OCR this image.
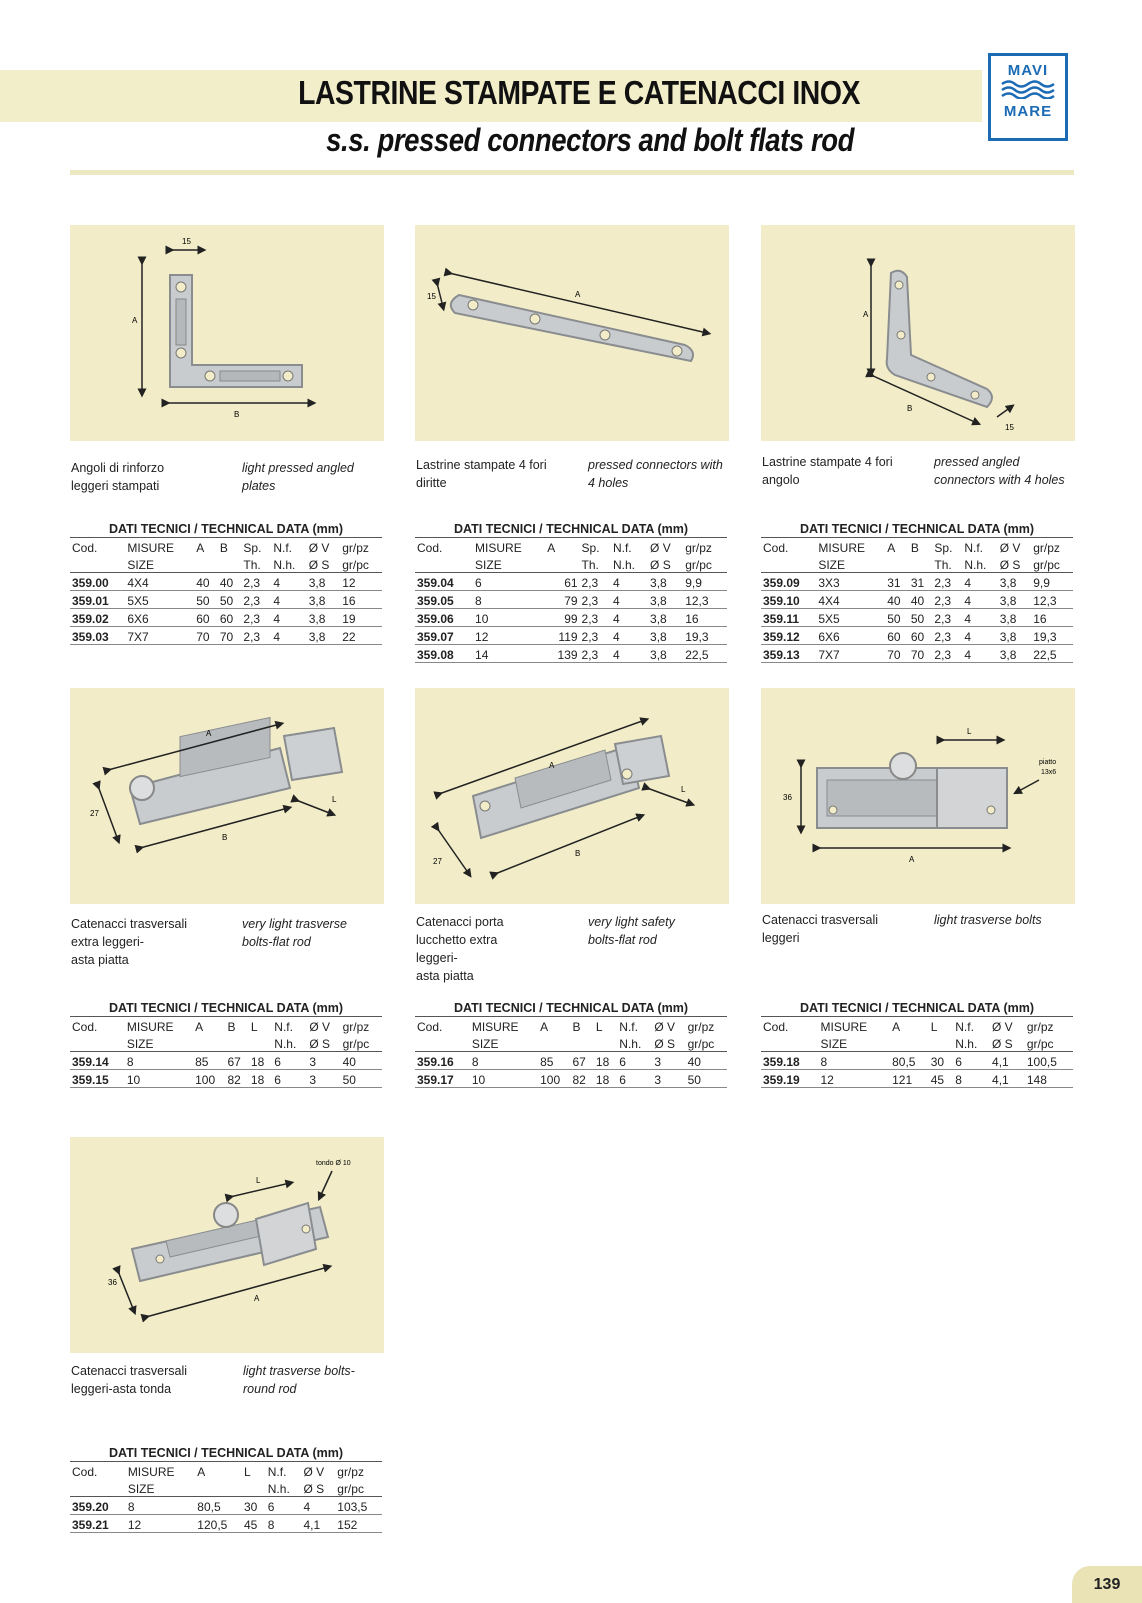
LASTRINE STAMPATE E CATENACCI INOX
s.s. pressed connectors and bolt flats rod
MAVI
MARE
15
A
B
15	A
A
B
15
Angoli di rinforzo
leggeri stampati
light pressed angled
plates
Lastrine stampate 4 fori
diritte
pressed connectors with
4 holes
Lastrine stampate 4 fori
angolo
pressed angled
connectors with 4 holes
DATI TECNICI / TECHNICAL DATA (mm)
Cod.	MISURE	A	B	Sp.	N.f.	Ø V	gr/pz
	SIZE			Th.	N.h.	Ø S	gr/pc
359.00	4X4	40	40	2,3	4	3,8	12
359.01	5X5	50	50	2,3	4	3,8	16
359.02	6X6	60	60	2,3	4	3,8	19
359.03	7X7	70	70	2,3	4	3,8	22
DATI TECNICI / TECHNICAL DATA (mm)
Cod.	MISURE	A	Sp.	N.f.	Ø V	gr/pz
	SIZE		Th.	N.h.	Ø S	gr/pc
359.04	6	61	2,3	4	3,8	9,9
359.05	8	79	2,3	4	3,8	12,3
359.06	10	99	2,3	4	3,8	16
359.07	12	119	2,3	4	3,8	19,3
359.08	14	139	2,3	4	3,8	22,5
DATI TECNICI / TECHNICAL DATA (mm)
Cod.	MISURE	A	B	Sp.	N.f.	Ø V	gr/pz
	SIZE			Th.	N.h.	Ø S	gr/pc
359.09	3X3	31	31	2,3	4	3,8	9,9
359.10	4X4	40	40	2,3	4	3,8	12,3
359.11	5X5	50	50	2,3	4	3,8	16
359.12	6X6	60	60	2,3	4	3,8	19,3
359.13	7X7	70	70	2,3	4	3,8	22,5
A
27
B
L
A
27
B
L
L
36
A
piatto
13x6
Catenacci trasversali
extra leggeri-
asta piatta
very light trasverse
bolts-flat rod
Catenacci porta
lucchetto extra
leggeri-
asta piatta
very light safety
bolts-flat rod
Catenacci trasversali
leggeri
light trasverse bolts
DATI TECNICI / TECHNICAL DATA (mm)
Cod.	MISURE	A	B	L	N.f.	Ø V	gr/pz
	SIZE				N.h.	Ø S	gr/pc
359.14	8	85	67	18	6	3	40
359.15	10	100	82	18	6	3	50
DATI TECNICI / TECHNICAL DATA (mm)
Cod.	MISURE	A	B	L	N.f.	Ø V	gr/pz
	SIZE				N.h.	Ø S	gr/pc
359.16	8	85	67	18	6	3	40
359.17	10	100	82	18	6	3	50
DATI TECNICI / TECHNICAL DATA (mm)
Cod.	MISURE	A	L	N.f.	Ø V	gr/pz
	SIZE			N.h.	Ø S	gr/pc
359.18	8	80,5	30	6	4,1	100,5
359.19	12	121	45	8	4,1	148
tondo Ø 10
L
36
A
Catenacci trasversali
leggeri-asta tonda
light trasverse bolts-
round rod
DATI TECNICI / TECHNICAL DATA (mm)
Cod.	MISURE	A	L	N.f.	Ø V	gr/pz
	SIZE			N.h.	Ø S	gr/pc
359.20	8	80,5	30	6	4	103,5
359.21	12	120,5	45	8	4,1	152
139
